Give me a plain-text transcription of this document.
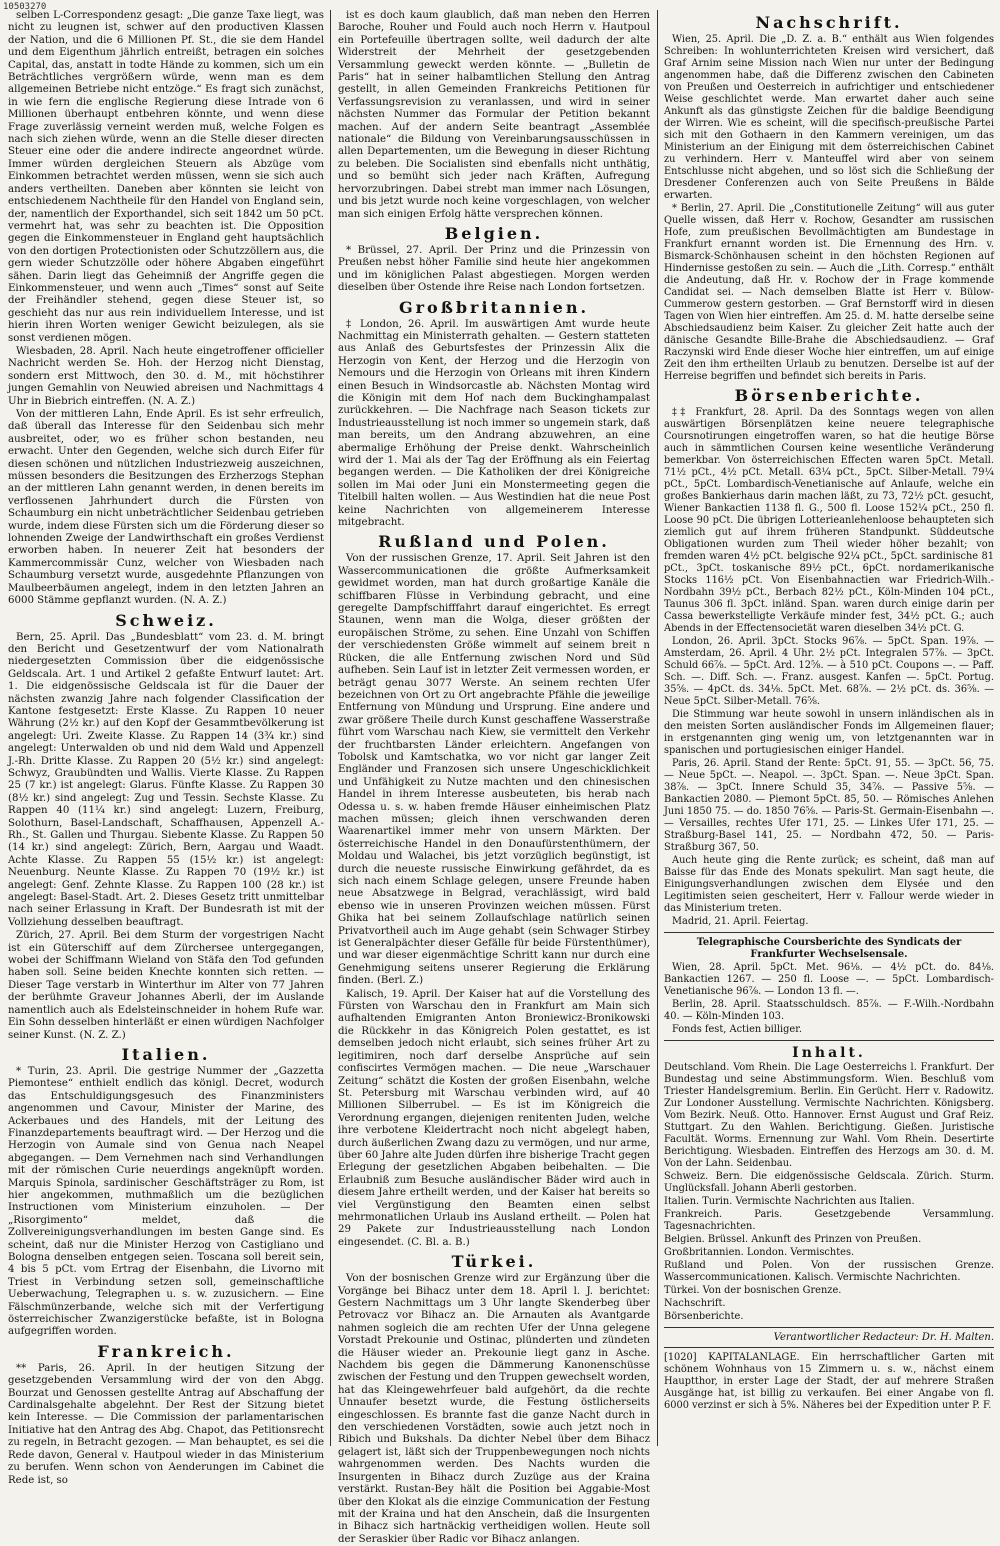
10503270

selben L-Correspondenz gesagt: „Die ganze Taxe liegt, was nicht zu leugnen ist, schwer auf den productiven Klassen der Nation, und die 6 Millionen Pf. St., die sie dem Handel und dem Eigenthum jährlich entreißt, betragen ein solches Capital, das, anstatt in todte Hände zu kommen, sich um ein Beträchtliches vergrößern würde, wenn man es dem allgemeinen Betriebe nicht entzöge.“ Es fragt sich zunächst, in wie fern die englische Regierung diese Intrade von 6 Millionen überhaupt entbehren könnte, und wenn diese Frage zuverlässig verneint werden muß, welche Folgen es nach sich ziehen würde, wenn an die Stelle dieser directen Steuer eine oder die andere indirecte angeordnet würde. Immer würden dergleichen Steuern als Abzüge vom Einkommen betrachtet werden müssen, wenn sie sich auch anders vertheilten. Daneben aber könnten sie leicht von entschiedenem Nachtheile für den Handel von England sein, der, namentlich der Exporthandel, sich seit 1842 um 50 pCt. vermehrt hat, was sehr zu beachten ist. Die Opposition gegen die Einkommensteuer in England geht hauptsächlich von den dortigen Protectionisten oder Schutzzöllern aus, die gern wieder Schutzzölle oder höhere Abgaben eingeführt sähen. Darin liegt das Geheimniß der Angriffe gegen die Einkommensteuer, und wenn auch „Times“ sonst auf Seite der Freihändler stehend, gegen diese Steuer ist, so geschieht das nur aus rein individuellem Interesse, und ist hierin ihren Worten weniger Gewicht beizulegen, als sie sonst verdienen mögen.

Wiesbaden, 28. April. Nach heute eingetroffener officieller Nachricht werden Se. Hoh. der Herzog nicht Dienstag, sondern erst Mittwoch, den 30. d. M., mit höchstihrer jungen Gemahlin von Neuwied abreisen und Nachmittags 4 Uhr in Biebrich eintreffen. (N. A. Z.)

Von der mittleren Lahn, Ende April. Es ist sehr erfreulich, daß überall das Interesse für den Seidenbau sich mehr ausbreitet, oder, wo es früher schon bestanden, neu erwacht. Unter den Gegenden, welche sich durch Eifer für diesen schönen und nützlichen Industriezweig auszeichnen, müssen besonders die Besitzungen des Erzherzogs Stephan an der mittleren Lahn genannt werden, in denen bereits im verflossenen Jahrhundert durch die Fürsten von Schaumburg ein nicht unbeträchtlicher Seidenbau getrieben wurde, indem diese Fürsten sich um die Förderung dieser so lohnenden Zweige der Landwirthschaft ein großes Verdienst erworben haben. In neuerer Zeit hat besonders der Kammercommissär Cunz, welcher von Wiesbaden nach Schaumburg versetzt wurde, ausgedehnte Pflanzungen von Maulbeerbäumen angelegt, indem in den letzten Jahren an 6000 Stämme gepflanzt wurden. (N. A. Z.)

Schweiz.

Bern, 25. April. Das „Bundesblatt“ vom 23. d. M. bringt den Bericht und Gesetzentwurf der vom Nationalrath niedergesetzten Commission über die eidgenössische Geldscala. Art. 1 und Artikel 2 gefaßte Entwurf lautet: Art. 1. Die eidgenössische Geldscala ist für die Dauer der nächsten zwanzig Jahre nach folgender Classification der Kantone festgesetzt: Erste Klasse. Zu Rappen 10 neuer Währung (2½ kr.) auf den Kopf der Gesammtbevölkerung ist angelegt: Uri. Zweite Klasse. Zu Rappen 14 (3¾ kr.) sind angelegt: Unterwalden ob und nid dem Wald und Appenzell J.-Rh. Dritte Klasse. Zu Rappen 20 (5½ kr.) sind angelegt: Schwyz, Graubündten und Wallis. Vierte Klasse. Zu Rappen 25 (7 kr.) ist angelegt: Glarus. Fünfte Klasse. Zu Rappen 30 (8½ kr.) sind angelegt: Zug und Tessin. Sechste Klasse. Zu Rappen 40 (11¼ kr.) sind angelegt: Luzern, Freiburg, Solothurn, Basel-Landschaft, Schaffhausen, Appenzell A.-Rh., St. Gallen und Thurgau. Siebente Klasse. Zu Rappen 50 (14 kr.) sind angelegt: Zürich, Bern, Aargau und Waadt. Achte Klasse. Zu Rappen 55 (15½ kr.) ist angelegt: Neuenburg. Neunte Klasse. Zu Rappen 70 (19½ kr.) ist angelegt: Genf. Zehnte Klasse. Zu Rappen 100 (28 kr.) ist angelegt: Basel-Stadt. Art. 2. Dieses Gesetz tritt unmittelbar nach seiner Erlassung in Kraft. Der Bundesrath ist mit der Vollziehung desselben beauftragt.

Zürich, 27. April. Bei dem Sturm der vorgestrigen Nacht ist ein Güterschiff auf dem Zürchersee untergegangen, wobei der Schiffmann Wieland von Stäfa den Tod gefunden haben soll. Seine beiden Knechte konnten sich retten. — Dieser Tage verstarb in Winterthur im Alter von 77 Jahren der berühmte Graveur Johannes Aberli, der im Auslande namentlich auch als Edelsteinschneider in hohem Rufe war. Ein Sohn desselben hinterläßt er einen würdigen Nachfolger seiner Kunst. (N. Z. Z.)

Italien.

* Turin, 23. April. Die gestrige Nummer der „Gazzetta Piemontese“ enthielt endlich das königl. Decret, wodurch das Entschuldigungsgesuch des Finanzministers angenommen und Cavour, Minister der Marine, des Ackerbaues und des Handels, mit der Leitung des Finanzdepartements beauftragt wird. — Der Herzog und die Herzogin von Aumale sind von Genua nach Neapel abgegangen. — Dem Vernehmen nach sind Verhandlungen mit der römischen Curie neuerdings angeknüpft worden. Marquis Spinola, sardinischer Geschäftsträger zu Rom, ist hier angekommen, muthmaßlich um die bezüglichen Instructionen vom Ministerium einzuholen. — Der „Risorgimento“ meldet, daß die Zollvereinigungsverhandlungen im besten Gange sind. Es scheint, daß nur die Minister Herzog von Castigliano und Bologna denselben entgegen seien. Toscana soll bereit sein, 4 bis 5 pCt. vom Ertrag der Eisenbahn, die Livorno mit Triest in Verbindung setzen soll, gemeinschaftliche Ueberwachung, Telegraphen u. s. w. zuzusichern. — Eine Fälschmünzerbande, welche sich mit der Verfertigung österreichischer Zwanzigerstücke befaßte, ist in Bologna aufgegriffen worden.

Frankreich.

** Paris, 26. April. In der heutigen Sitzung der gesetzgebenden Versammlung wird der von den Abgg. Bourzat und Genossen gestellte Antrag auf Abschaffung der Cardinalsgehalte abgelehnt. Der Rest der Sitzung bietet kein Interesse. — Die Commission der parlamentarischen Initiative hat den Antrag des Abg. Chapot, das Petitionsrecht zu regeln, in Betracht gezogen. — Man behauptet, es sei die Rede davon, General v. Hautpoul wieder in das Ministerium zu berufen. Wenn schon von Aenderungen im Cabinet die Rede ist, so

ist es doch kaum glaublich, daß man neben den Herren Baroche, Rouher und Fould auch noch Herrn v. Hautpoul ein Portefeuille übertragen sollte, weil dadurch der alte Widerstreit der Mehrheit der gesetzgebenden Versammlung geweckt werden könnte. — „Bulletin de Paris“ hat in seiner halbamtlichen Stellung den Antrag gestellt, in allen Gemeinden Frankreichs Petitionen für Verfassungsrevision zu veranlassen, und wird in seiner nächsten Nummer das Formular der Petition bekannt machen. Auf der andern Seite beantragt „Assemblée nationale“ die Bildung von Vereinbarungsausschüssen in allen Departementen, um die Bewegung in dieser Richtung zu beleben. Die Socialisten sind ebenfalls nicht unthätig, und so bemüht sich jeder nach Kräften, Aufregung hervorzubringen. Dabei strebt man immer nach Lösungen, und bis jetzt wurde noch keine vorgeschlagen, von welcher man sich einigen Erfolg hätte versprechen können.

Belgien.

* Brüssel, 27. April. Der Prinz und die Prinzessin von Preußen nebst höher Familie sind heute hier angekommen und im königlichen Palast abgestiegen. Morgen werden dieselben über Ostende ihre Reise nach London fortsetzen.

Großbritannien.

‡ London, 26. April. Im auswärtigen Amt wurde heute Nachmittag ein Ministerrath gehalten. — Gestern statteten aus Anlaß des Geburtsfestes der Prinzessin Alix die Herzogin von Kent, der Herzog und die Herzogin von Nemours und die Herzogin von Orleans mit ihren Kindern einen Besuch in Windsorcastle ab. Nächsten Montag wird die Königin mit dem Hof nach dem Buckinghampalast zurückkehren. — Die Nachfrage nach Season tickets zur Industrieausstellung ist noch immer so ungemein stark, daß man bereits, um den Andrang abzuwehren, an eine abermalige Erhöhung der Preise denkt. Wahrscheinlich wird der 1. Mai als der Tag der Eröffnung als ein Feiertag begangen werden. — Die Katholiken der drei Königreiche sollen im Mai oder Juni ein Monstermeeting gegen die Titelbill halten wollen. — Aus Westindien hat die neue Post keine Nachrichten von allgemeinerem Interesse mitgebracht.

Rußland und Polen.

Von der russischen Grenze, 17. April. Seit Jahren ist den Wassercommunicationen die größte Aufmerksamkeit gewidmet worden, man hat durch großartige Kanäle die schiffbaren Flüsse in Verbindung gebracht, und eine geregelte Dampfschifffahrt darauf eingerichtet. Es erregt Staunen, wenn man die Wolga, dieser größten der europäischen Ströme, zu sehen. Eine Unzahl von Schiffen der verschiedensten Größe wimmelt auf seinem breit n Rücken, die alle Entfernung zwischen Nord und Süd aufheben. Sein Lauf ist in letzter Zeit vermessen worden, er beträgt genau 3077 Werste. An seinem rechten Ufer bezeichnen von Ort zu Ort angebrachte Pfähle die jeweilige Entfernung von Mündung und Ursprung. Eine andere und zwar größere Theile durch Kunst geschaffene Wasserstraße führt vom Warschau nach Kiew, sie vermittelt den Verkehr der fruchtbarsten Länder erleichtern. Angefangen von Tobolsk und Kamtschatka, wo vor nicht gar langer Zeit Engländer und Franzosen sich unsere Ungeschicklichkeit und Unfähigkeit zu Nutze machten und den chinesischen Handel in ihrem Interesse ausbeuteten, bis herab nach Odessa u. s. w. haben fremde Häuser einheimischen Platz machen müssen; gleich ihnen verschwanden deren Waarenartikel immer mehr von unsern Märkten. Der österreichische Handel in den Donaufürstenthümern, der Moldau und Walachei, bis jetzt vorzüglich begünstigt, ist durch die neueste russische Einwirkung gefährdet, da es sich nach einem Schlage gelegen, unsere Freunde haben neue Absatzwege in Belgrad, verachlässigt, wird bald ebenso wie in unseren Provinzen weichen müssen. Fürst Ghika hat bei seinem Zollaufschlage natürlich seinen Privatvortheil auch im Auge gehabt (sein Schwager Stirbey ist Generalpächter dieser Gefälle für beide Fürstenthümer), und war dieser eigenmächtige Schritt kann nur durch eine Genehmigung seitens unserer Regierung die Erklärung finden. (Berl. Z.)

Kalisch, 19. April. Der Kaiser hat auf die Vorstellung des Fürsten von Warschau den in Frankfurt am Main sich aufhaltenden Emigranten Anton Broniewicz-Bronikowski die Rückkehr in das Königreich Polen gestattet, es ist demselben jedoch nicht erlaubt, sich seines früher Art zu legitimiren, noch darf derselbe Ansprüche auf sein confiscirtes Vermögen machen. — Die neue „Warschauer Zeitung“ schätzt die Kosten der großen Eisenbahn, welche St. Petersburg mit Warschau verbinden wird, auf 40 Millionen Silberrubel. — Es ist im Königreich die Verordnung ergangen, diejenigen renitenten Juden, welche ihre verbotene Kleidertracht noch nicht abgelegt haben, durch äußerlichen Zwang dazu zu vermögen, und nur arme, über 60 Jahre alte Juden dürfen ihre bisherige Tracht gegen Erlegung der gesetzlichen Abgaben beibehalten. — Die Erlaubniß zum Besuche ausländischer Bäder wird auch in diesem Jahre ertheilt werden, und der Kaiser hat bereits so viel Vergünstigung den Beamten einen selbst mehrmonatlichen Urlaub ins Ausland ertheilt. — Polen hat 29 Pakete zur Industrieausstellung nach London eingesendet. (C. Bl. a. B.)

Türkei.

Von der bosnischen Grenze wird zur Ergänzung über die Vorgänge bei Bihacz unter dem 18. April l. J. berichtet: Gestern Nachmittags um 3 Uhr langte Skenderbeg über Petrovacz vor Bihacz an. Die Arnauten als Avantgarde nahmen sogleich die am rechten Ufer der Unna gelegene Vorstadt Prekounie und Ostinac, plünderten und zündeten die Häuser wieder an. Prekounie liegt ganz in Asche. Nachdem bis gegen die Dämmerung Kanonenschüsse zwischen der Festung und den Truppen gewechselt worden, hat das Kleingewehrfeuer bald aufgehört, da die rechte Unnaufer besetzt wurde, die Festung östlicherseits eingeschlossen. Es brannte fast die ganze Nacht durch in den verschiedenen Vorstädten, sowie auch jetzt noch in Ribich und Bukshals. Da dichter Nebel über dem Bihacz gelagert ist, läßt sich der Truppenbewegungen noch nichts wahrgenommen werden. Des Nachts wurden die Insurgenten in Bihacz durch Zuzüge aus der Kraina verstärkt. Rustan-Bey hält die Position bei Aggabie-Most über den Klokat als die einzige Communication der Festung mit der Kraina und hat den Anschein, daß die Insurgenten in Bihacz sich hartnäckig vertheidigen wollen. Heute soll der Seraskier über Radic vor Bihacz anlangen.

Nachschrift.

Wien, 25. April. Die „D. Z. a. B.“ enthält aus Wien folgendes Schreiben: In wohlunterrichteten Kreisen wird versichert, daß Graf Arnim seine Mission nach Wien nur unter der Bedingung angenommen habe, daß die Differenz zwischen den Cabineten von Preußen und Oesterreich in aufrichtiger und entschiedener Weise geschlichtet werde. Man erwartet daher auch seine Ankunft als das günstigste Zeichen für die baldige Beendigung der Wirren. Wie es scheint, will die specifisch-preußische Partei sich mit den Gothaern in den Kammern vereinigen, um das Ministerium an der Einigung mit dem österreichischen Cabinet zu verhindern. Herr v. Manteuffel wird aber von seinem Entschlusse nicht abgehen, und so löst sich die Schließung der Dresdener Conferenzen auch von Seite Preußens in Bälde erwarten.

* Berlin, 27. April. Die „Constitutionelle Zeitung“ will aus guter Quelle wissen, daß Herr v. Rochow, Gesandter am russischen Hofe, zum preußischen Bevollmächtigten am Bundestage in Frankfurt ernannt worden ist. Die Ernennung des Hrn. v. Bismarck-Schönhausen scheint in den höchsten Regionen auf Hindernisse gestoßen zu sein. — Auch die „Lith. Corresp.“ enthält die Andeutung, daß Hr. v. Rochow der in Frage kommende Candidat sei. — Nach demselben Blatte ist Herr v. Bülow-Cummerow gestern gestorben. — Graf Bernstorff wird in diesen Tagen von Wien hier eintreffen. Am 25. d. M. hatte derselbe seine Abschiedsaudienz beim Kaiser. Zu gleicher Zeit hatte auch der dänische Gesandte Bille-Brahe die Abschiedsaudienz. — Graf Raczynski wird Ende dieser Woche hier eintreffen, um auf einige Zeit den ihm ertheilten Urlaub zu benutzen. Derselbe ist auf der Herreise begriffen und befindet sich bereits in Paris.

Börsenberichte.

‡‡ Frankfurt, 28. April. Da des Sonntags wegen von allen auswärtigen Börsenplätzen keine neuere telegraphische Coursnotirungen eingetroffen waren, so hat die heutige Börse auch in sämmtlichen Coursen keine wesentliche Veränderung bemerkbar. Von österreichischen Effecten waren 5pCt. Metall. 71½ pCt., 4½ pCt. Metall. 63¼ pCt., 5pCt. Silber-Metall. 79¼ pCt., 5pCt. Lombardisch-Venetianische auf Anlaufe, welche ein großes Bankierhaus darin machen läßt, zu 73, 72½ pCt. gesucht, Wiener Bankactien 1138 fl. G., 500 fl. Loose 152¼ pCt., 250 fl. Loose 90 pCt. Die übrigen Lotterieanlehenloose behaupteten sich ziemlich gut auf ihrem früheren Standpunkt. Süddeutsche Obligationen wurden zum Theil wieder höher bezahlt; von fremden waren 4½ pCt. belgische 92¼ pCt., 5pCt. sardinische 81 pCt., 3pCt. toskanische 89½ pCt., 6pCt. nordamerikanische Stocks 116½ pCt. Von Eisenbahnactien war Friedrich-Wilh.-Nordbahn 39½ pCt., Berbach 82½ pCt., Köln-Minden 104 pCt., Taunus 306 fl. 3pCt. inländ. Span. waren durch einige darin per Cassa bewerkstelligte Verkäufe minder fest, 34½ pCt. G.; auch Abends in der Effectensocietät waren dieselben 34½ pCt. G.

London, 26. April. 3pCt. Stocks 96⅞. — 5pCt. Span. 19⅞. — Amsterdam, 26. April. 4 Uhr. 2½ pCt. Integralen 57⅞. — 3pCt. Schuld 66⅞. — 5pCt. Ard. 12⅝. — à 510 pCt. Coupons —. — Paff. Sch. —. Diff. Sch. —. Franz. ausgest. Kanfen —. 5pCt. Portug. 35⅝. — 4pCt. ds. 34⅛. 5pCt. Met. 68⅞. — 2½ pCt. ds. 36⅝. — Neue 5pCt. Silber-Metall. 76⅝.

Die Stimmung war heute sowohl in unsern inländischen als in den meisten Sorten ausländischer Fonds im Allgemeinen flauer; in erstgenannten ging wenig um, von letztgenannten war in spanischen und portugiesischen einiger Handel.

Paris, 26. April. Stand der Rente: 5pCt. 91, 55. — 3pCt. 56, 75. — Neue 5pCt. —. Neapol. —. 3pCt. Span. —. Neue 3pCt. Span. 38⅞. — 3pCt. Innere Schuld 35, 34⅞. — Passive 5⅝. — Bankactien 2080. — Piemont 5pCt. 85, 50. — Römisches Anlehen Juni 1850 75. — do. 1850 76⅝. — Paris-St. Germain-Eisenbahn —. — Versailles, rechtes Ufer 171, 25. — Linkes Ufer 171, 25. — Straßburg-Basel 141, 25. — Nordbahn 472, 50. — Paris-Straßburg 367, 50.

Auch heute ging die Rente zurück; es scheint, daß man auf Baisse für das Ende des Monats spekulirt. Man sagt heute, die Einigungsverhandlungen zwischen dem Elysée und den Legitimisten seien gescheitert, Herr v. Fallour werde wieder in das Ministerium treten.

Madrid, 21. April. Feiertag.

Telegraphische Coursberichte des Syndicats der Frankfurter Wechselsensale.

Wien, 28. April. 5pCt. Met. 96⅛. — 4½ pCt. do. 84⅛. Bankactien 1267. — 250 fl. Loose —. — 5pCt. Lombardisch-Venetianische 96⅞. — London 13 fl. —.

Berlin, 28. April. Staatsschuldsch. 85⅞. — F.-Wilh.-Nordbahn 40. — Köln-Minden 103.

Fonds fest, Actien billiger.

Inhalt.

Deutschland. Vom Rhein. Die Lage Oesterreichs l. Frankfurt. Der Bundestag und seine Abstimmungsform. Wien. Beschluß vom Triester Handelsgremium. Berlin. Ein Gerücht. Herr v. Radowitz. Zur Londoner Ausstellung. Vermischte Nachrichten. Königsberg. Vom Bezirk. Neuß. Otto. Hannover. Ernst August und Graf Reiz. Stuttgart. Zu den Wahlen. Berichtigung. Gießen. Juristische Facultät. Worms. Ernennung zur Wahl. Vom Rhein. Desertirte Berichtigung. Wiesbaden. Eintreffen des Herzogs am 30. d. M. Von der Lahn. Seidenbau.

Schweiz. Bern. Die eidgenössische Geldscala. Zürich. Sturm. Unglücksfall. Johann Aberli gestorben.

Italien. Turin. Vermischte Nachrichten aus Italien.

Frankreich. Paris. Gesetzgebende Versammlung. Tagesnachrichten.

Belgien. Brüssel. Ankunft des Prinzen von Preußen.

Großbritannien. London. Vermischtes.

Rußland und Polen. Von der russischen Grenze. Wassercommunicationen. Kalisch. Vermischte Nachrichten.

Türkei. Von der bosnischen Grenze.

Nachschrift.

Börsenberichte.

Verantwortlicher Redacteur: Dr. H. Malten.

[1020] KAPITALANLAGE. Ein herrschaftlicher Garten mit schönem Wohnhaus von 15 Zimmern u. s. w., nächst einem Hauptthor, in erster Lage der Stadt, der auf mehrere Straßen Ausgänge hat, ist billig zu verkaufen. Bei einer Angabe von fl. 6000 verzinst er sich à 5%. Näheres bei der Expedition unter P. F.
